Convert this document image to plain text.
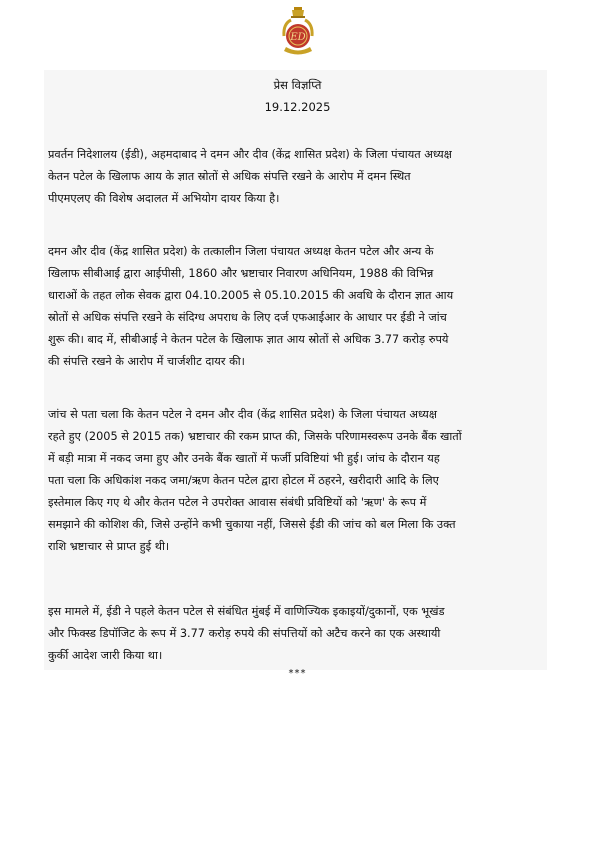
ED
प्रेस विज्ञप्ति
19.12.2025

प्रवर्तन निदेशालय (ईडी), अहमदाबाद ने दमन और दीव (केंद्र शासित प्रदेश) के जिला पंचायत अध्यक्ष
केतन पटेल के खिलाफ आय के ज्ञात स्रोतों से अधिक संपत्ति रखने के आरोप में दमन स्थित
पीएमएलए की विशेष अदालत में अभियोग दायर किया है।

दमन और दीव (केंद्र शासित प्रदेश) के तत्कालीन जिला पंचायत अध्यक्ष केतन पटेल और अन्य के
खिलाफ सीबीआई द्वारा आईपीसी, 1860 और भ्रष्टाचार निवारण अधिनियम, 1988 की विभिन्न
धाराओं के तहत लोक सेवक द्वारा 04.10.2005 से 05.10.2015 की अवधि के दौरान ज्ञात आय
स्रोतों से अधिक संपत्ति रखने के संदिग्ध अपराध के लिए दर्ज एफआईआर के आधार पर ईडी ने जांच
शुरू की। बाद में, सीबीआई ने केतन पटेल के खिलाफ ज्ञात आय स्रोतों से अधिक 3.77 करोड़ रुपये
की संपत्ति रखने के आरोप में चार्जशीट दायर की।

जांच से पता चला कि केतन पटेल ने दमन और दीव (केंद्र शासित प्रदेश) के जिला पंचायत अध्यक्ष
रहते हुए (2005 से 2015 तक) भ्रष्टाचार की रकम प्राप्त की, जिसके परिणामस्वरूप उनके बैंक खातों
में बड़ी मात्रा में नकद जमा हुए और उनके बैंक खातों में फर्जी प्रविष्टियां भी हुई। जांच के दौरान यह
पता चला कि अधिकांश नकद जमा/ऋण केतन पटेल द्वारा होटल में ठहरने, खरीदारी आदि के लिए
इस्तेमाल किए गए थे और केतन पटेल ने उपरोक्त आवास संबंधी प्रविष्टियों को 'ऋण' के रूप में
समझाने की कोशिश की, जिसे उन्होंने कभी चुकाया नहीं, जिससे ईडी की जांच को बल मिला कि उक्त
राशि भ्रष्टाचार से प्राप्त हुई थी।

इस मामले में, ईडी ने पहले केतन पटेल से संबंधित मुंबई में वाणिज्यिक इकाइयों/दुकानों, एक भूखंड
और फिक्स्ड डिपॉजिट के रूप में 3.77 करोड़ रुपये की संपत्तियों को अटैच करने का एक अस्थायी
कुर्की आदेश जारी किया था।

***
